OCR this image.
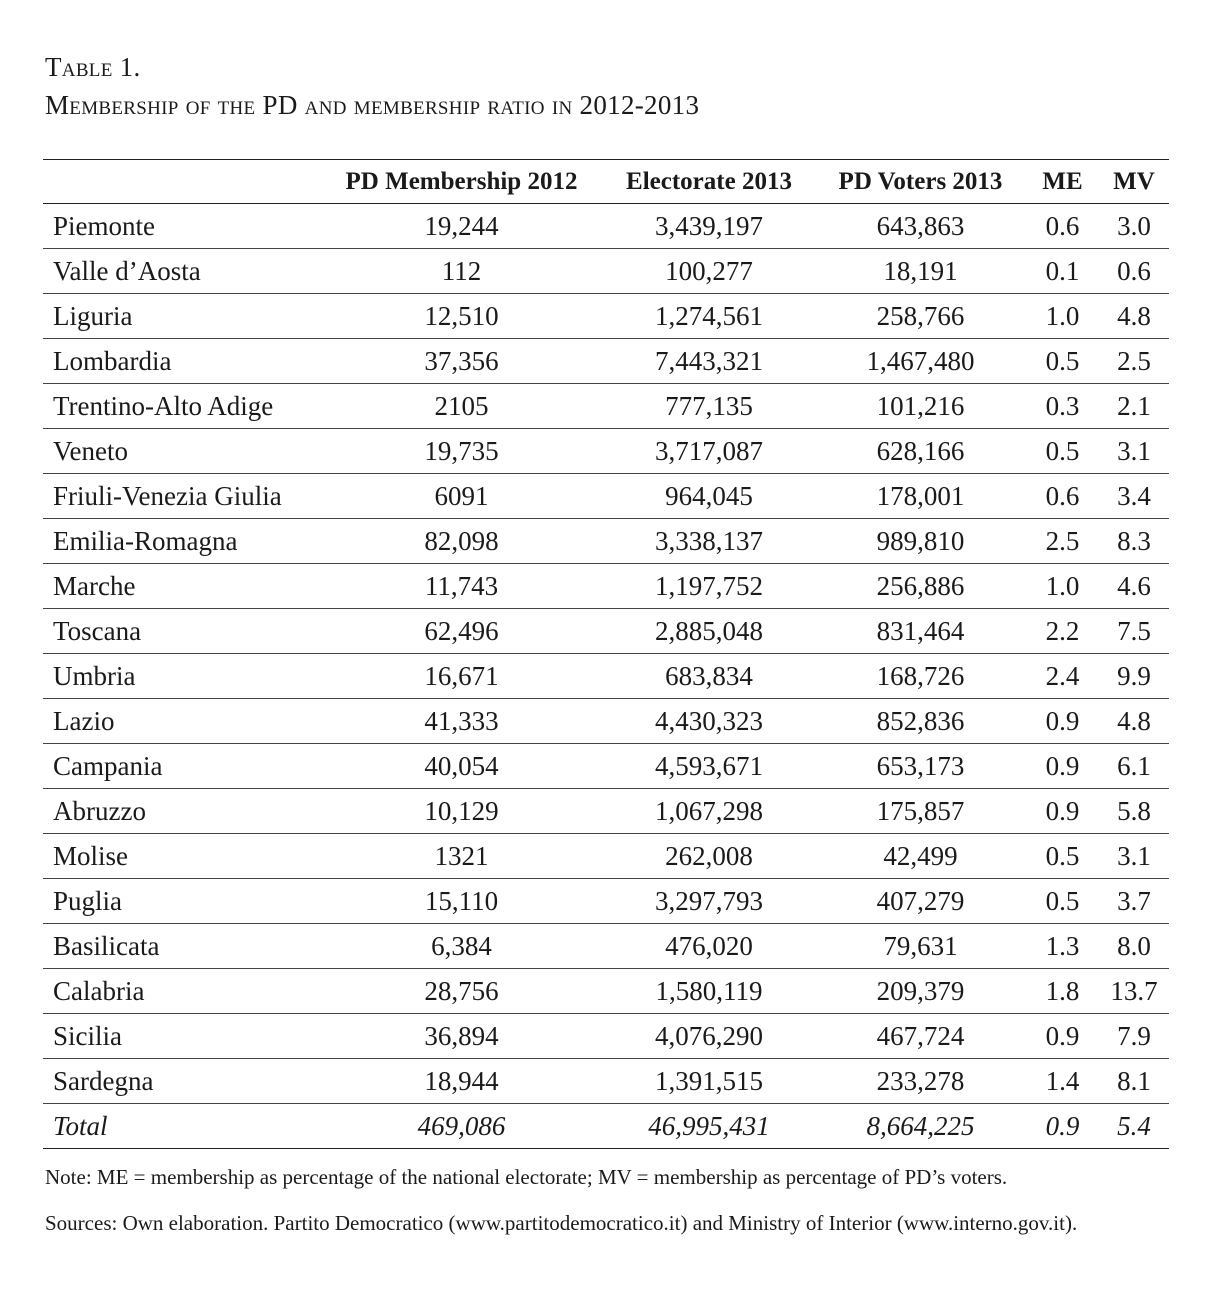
Table 1.
Membership of the PD and membership ratio in 2012-2013
	PD Membership 2012	Electorate 2013	PD Voters 2013	ME	MV
Piemonte	19,244	3,439,197	643,863	0.6	3.0
Valle d’Aosta	112	100,277	18,191	0.1	0.6
Liguria	12,510	1,274,561	258,766	1.0	4.8
Lombardia	37,356	7,443,321	1,467,480	0.5	2.5
Trentino-Alto Adige	2105	777,135	101,216	0.3	2.1
Veneto	19,735	3,717,087	628,166	0.5	3.1
Friuli-Venezia Giulia	6091	964,045	178,001	0.6	3.4
Emilia-Romagna	82,098	3,338,137	989,810	2.5	8.3
Marche	11,743	1,197,752	256,886	1.0	4.6
Toscana	62,496	2,885,048	831,464	2.2	7.5
Umbria	16,671	683,834	168,726	2.4	9.9
Lazio	41,333	4,430,323	852,836	0.9	4.8
Campania	40,054	4,593,671	653,173	0.9	6.1
Abruzzo	10,129	1,067,298	175,857	0.9	5.8
Molise	1321	262,008	42,499	0.5	3.1
Puglia	15,110	3,297,793	407,279	0.5	3.7
Basilicata	6,384	476,020	79,631	1.3	8.0
Calabria	28,756	1,580,119	209,379	1.8	13.7
Sicilia	36,894	4,076,290	467,724	0.9	7.9
Sardegna	18,944	1,391,515	233,278	1.4	8.1
Total	469,086	46,995,431	8,664,225	0.9	5.4
Note: ME = membership as percentage of the national electorate; MV = membership as percentage of PD’s voters.
Sources: Own elaboration. Partito Democratico (www.partitodemocratico.it) and Ministry of Interior (www.interno.gov.it).
